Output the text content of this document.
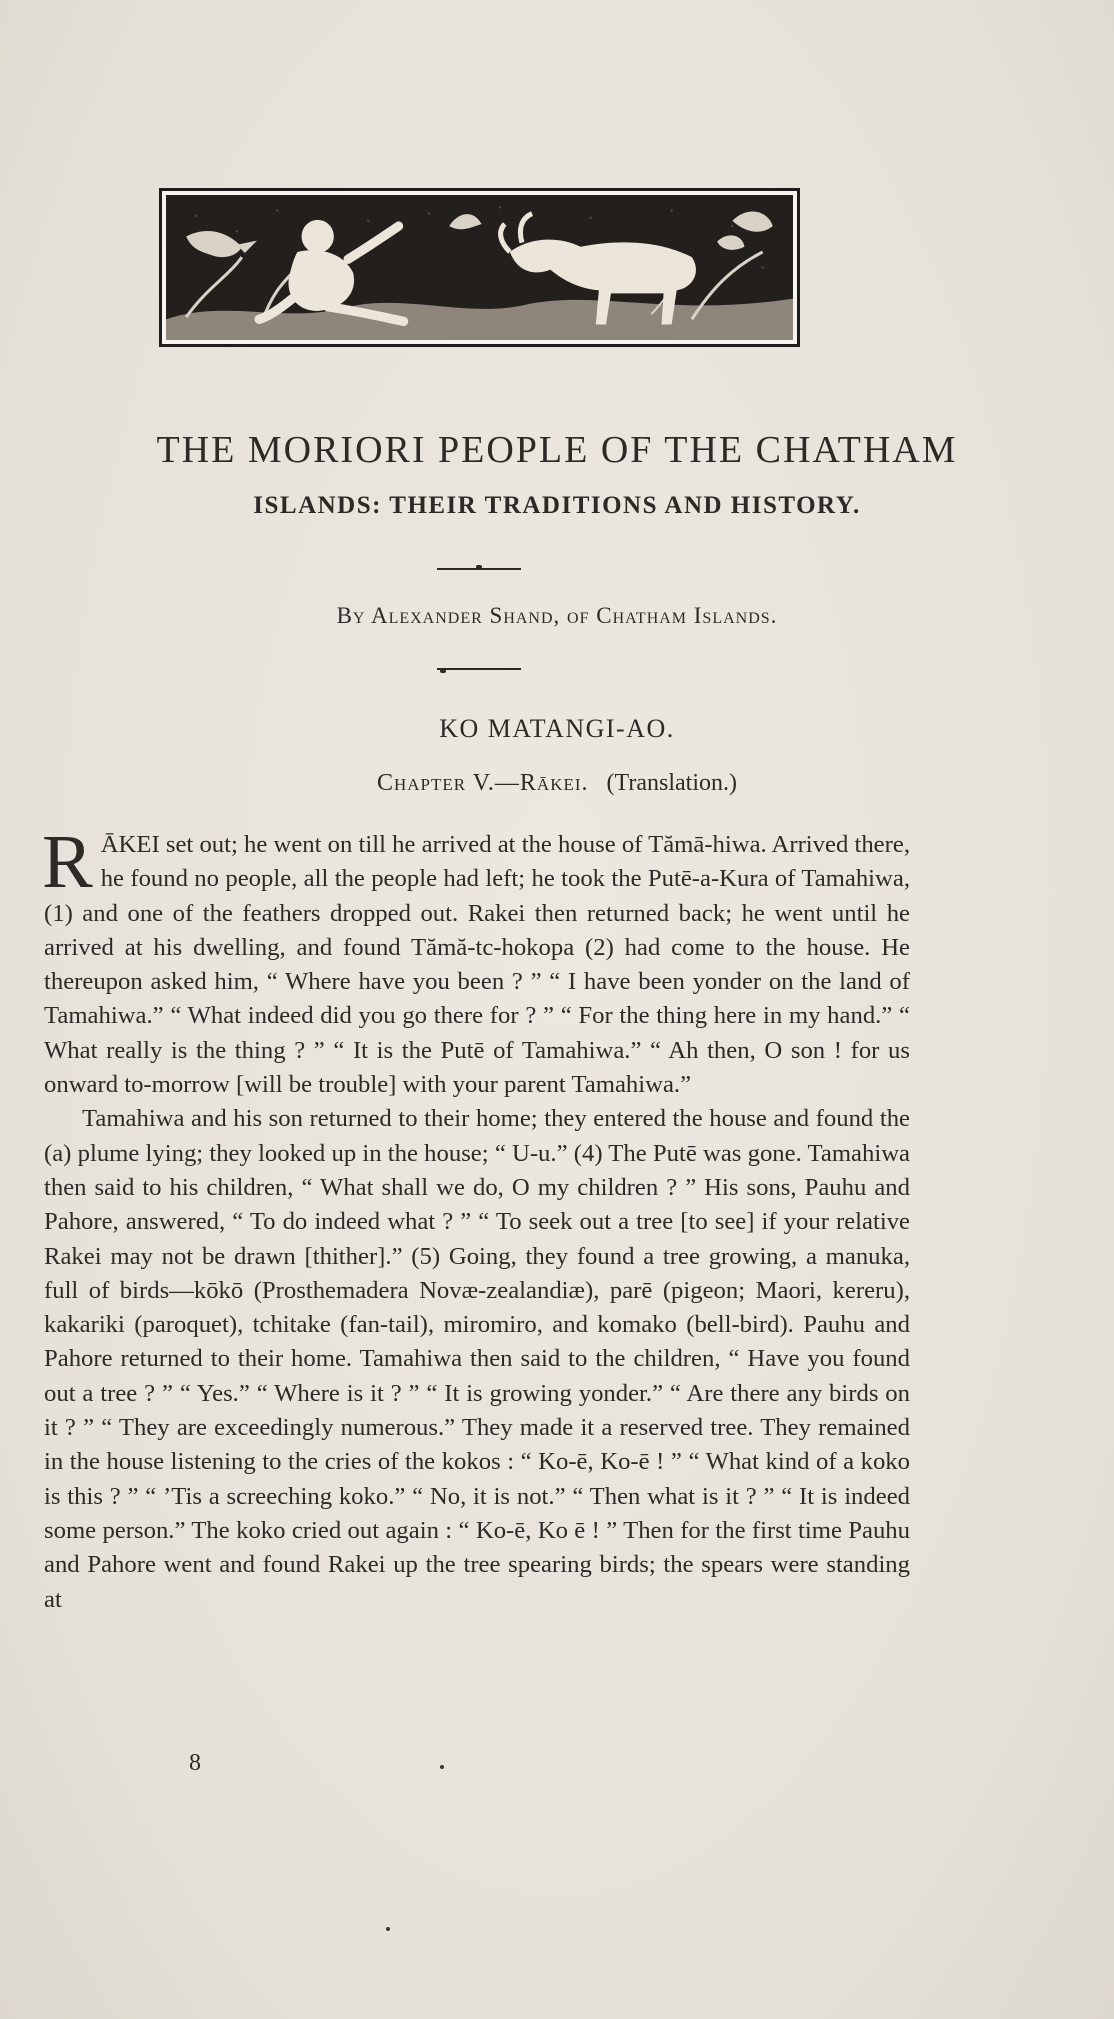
THE MORIORI PEOPLE OF THE CHATHAM
ISLANDS: THEIR TRADITIONS AND HISTORY.
By Alexander Shand, of Chatham Islands.
KO MATANGI-AO.
Chapter V.—Rākei. (Translation.)

RĀKEI set out; he went on till he arrived at the house of Tămā-hiwa. Arrived there, he found no people, all the people had left; he took the Putē-a-Kura of Tamahiwa, (1) and one of the feathers dropped out. Rakei then returned back; he went until he arrived at his dwelling, and found Tămă-tc-hokopa (2) had come to the house. He thereupon asked him, “ Where have you been ? ” “ I have been yonder on the land of Tamahiwa.” “ What indeed did you go there for ? ” “ For the thing here in my hand.” “ What really is the thing ? ” “ It is the Putē of Tamahiwa.” “ Ah then, O son ! for us onward to-morrow [will be trouble] with your parent Tamahiwa.”

Tamahiwa and his son returned to their home; they entered the house and found the (a) plume lying; they looked up in the house; “ U-u.” (4) The Putē was gone. Tamahiwa then said to his children, “ What shall we do, O my children ? ” His sons, Pauhu and Pahore, answered, “ To do indeed what ? ” “ To seek out a tree [to see] if your relative Rakei may not be drawn [thither].” (5) Going, they found a tree growing, a manuka, full of birds—kōkō (Prosthemadera Novæ-zealandiæ), parē (pigeon; Maori, kereru), kakariki (paroquet), tchitake (fan-tail), miromiro, and komako (bell-bird). Pauhu and Pahore returned to their home. Tamahiwa then said to the children, “ Have you found out a tree ? ” “ Yes.” “ Where is it ? ” “ It is growing yonder.” “ Are there any birds on it ? ” “ They are exceedingly numerous.” They made it a reserved tree. They remained in the house listening to the cries of the kokos : “ Ko-ē, Ko-ē ! ” “ What kind of a koko is this ? ” “ ’Tis a screeching koko.” “ No, it is not.” “ Then what is it ? ” “ It is indeed some person.” The koko cried out again : “ Ko-ē, Ko ē ! ” Then for the first time Pauhu and Pahore went and found Rakei up the tree spearing birds; the spears were standing at

8
